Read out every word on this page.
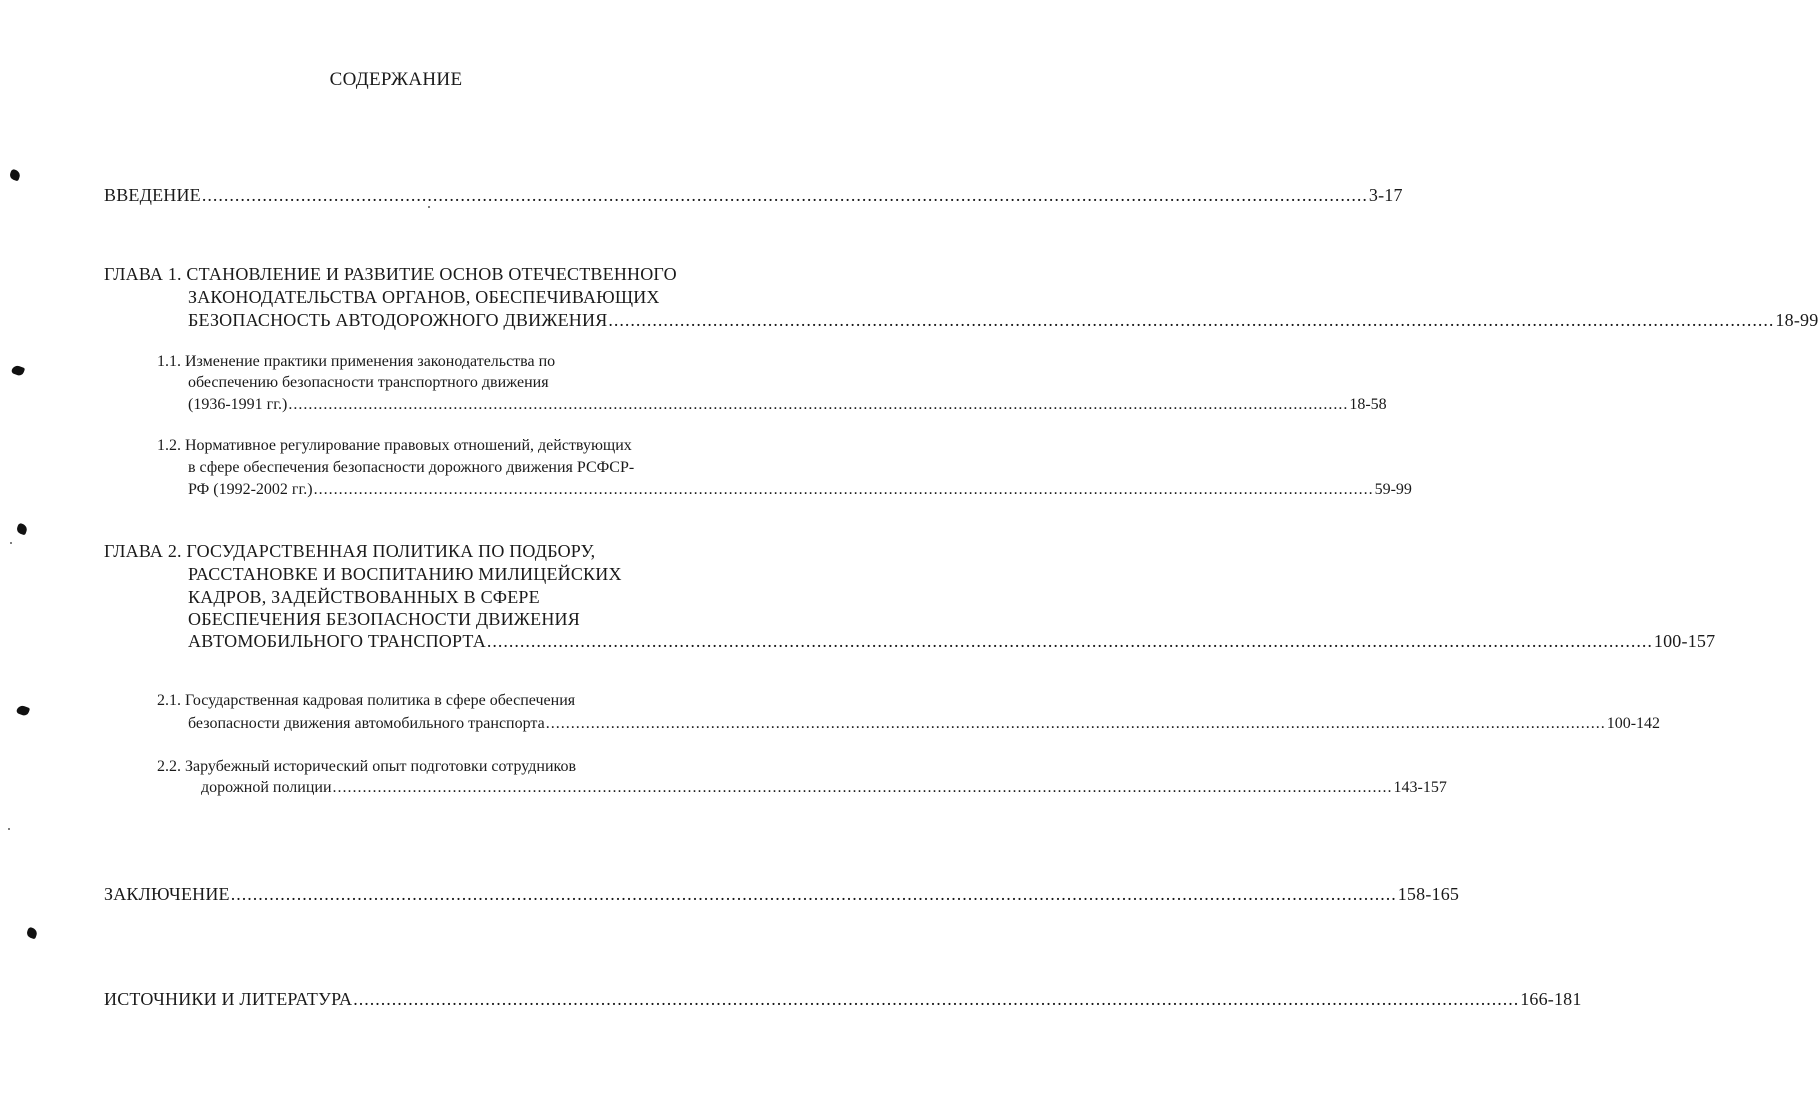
СОДЕРЖАНИЕ
ВВЕДЕНИЕ .................................................................................................................................................................................................................... 3-17
ГЛАВА 1. СТАНОВЛЕНИЕ И РАЗВИТИЕ ОСНОВ ОТЕЧЕСТВЕННОГО
ЗАКОНОДАТЕЛЬСТВА ОРГАНОВ, ОБЕСПЕЧИВАЮЩИХ
БЕЗОПАСНОСТЬ АВТОДОРОЖНОГО ДВИЖЕНИЯ .................................................................................................................................................................................................................... 18-99
1.1. Изменение практики применения законодательства по
обеспечению безопасности транспортного движения
(1936-1991 гг.) .................................................................................................................................................................................................................... 18-58
1.2. Нормативное регулирование правовых отношений, действующих
в сфере обеспечения безопасности дорожного движения РСФСР-
РФ (1992-2002 гг.) .................................................................................................................................................................................................................... 59-99
ГЛАВА 2. ГОСУДАРСТВЕННАЯ ПОЛИТИКА ПО ПОДБОРУ,
РАССТАНОВКЕ И ВОСПИТАНИЮ МИЛИЦЕЙСКИХ
КАДРОВ, ЗАДЕЙСТВОВАННЫХ В СФЕРЕ
ОБЕСПЕЧЕНИЯ БЕЗОПАСНОСТИ ДВИЖЕНИЯ
АВТОМОБИЛЬНОГО ТРАНСПОРТА .................................................................................................................................................................................................................... 100-157
2.1. Государственная кадровая политика в сфере обеспечения
безопасности движения автомобильного транспорта .................................................................................................................................................................................................................... 100-142
2.2. Зарубежный исторический опыт подготовки сотрудников
дорожной полиции .................................................................................................................................................................................................................... 143-157
ЗАКЛЮЧЕНИЕ .................................................................................................................................................................................................................... 158-165
ИСТОЧНИКИ И ЛИТЕРАТУРА .................................................................................................................................................................................................................... 166-181
